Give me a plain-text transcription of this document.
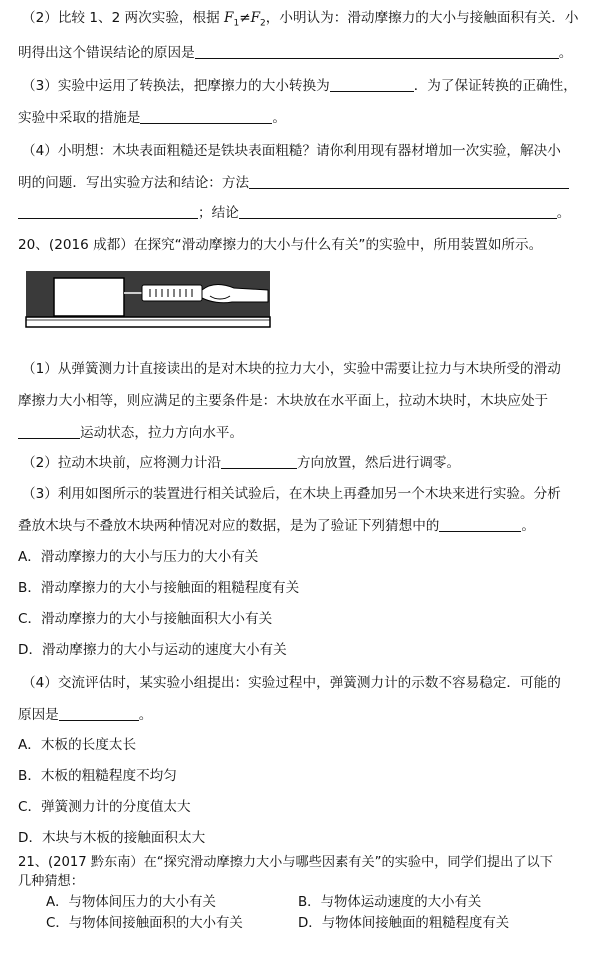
（2）比较 1、2 两次实验，根据 $F_1\ne F_2$，小明认为：滑动摩擦力的大小与接触面积有关．小
明得出这个错误结论的原因是	。
（3）实验中运用了转换法，把摩擦力的大小转换为	．为了保证转换的正确性，
实验中采取的措施是	。
（4）小明想：木块表面粗糙还是铁块表面粗糙？请你利用现有器材增加一次实验，解决小
明的问题．写出实验方法和结论：方法
；结论	。
20、(2016 成都）在探究“滑动摩擦力的大小与什么有关”的实验中，所用装置如所示。
（1）从弹簧测力计直接读出的是对木块的拉力大小，实验中需要让拉力与木块所受的滑动
摩擦力大小相等，则应满足的主要条件是：木块放在水平面上，拉动木块时，木块应处于
运动状态，拉力方向水平。
（2）拉动木块前，应将测力计沿	方向放置，然后进行调零。
（3）利用如图所示的装置进行相关试验后，在木块上再叠加另一个木块来进行实验。分析
叠放木块与不叠放木块两种情况对应的数据，是为了验证下列猜想中的	。
A．滑动摩擦力的大小与压力的大小有关
B．滑动摩擦力的大小与接触面的粗糙程度有关
C．滑动摩擦力的大小与接触面积大小有关
D．滑动摩擦力的大小与运动的速度大小有关
（4）交流评估时，某实验小组提出：实验过程中，弹簧测力计的示数不容易稳定．可能的
原因是	。
A．木板的长度太长
B．木板的粗糙程度不均匀
C．弹簧测力计的分度值太大
D．木块与木板的接触面积太大
21、(2017 黔东南）在“探究滑动摩擦力大小与哪些因素有关”的实验中，同学们提出了以下
几种猜想：
A．与物体间压力的大小有关	B．与物体运动速度的大小有关
C．与物体间接触面积的大小有关	D．与物体间接触面的粗糙程度有关
